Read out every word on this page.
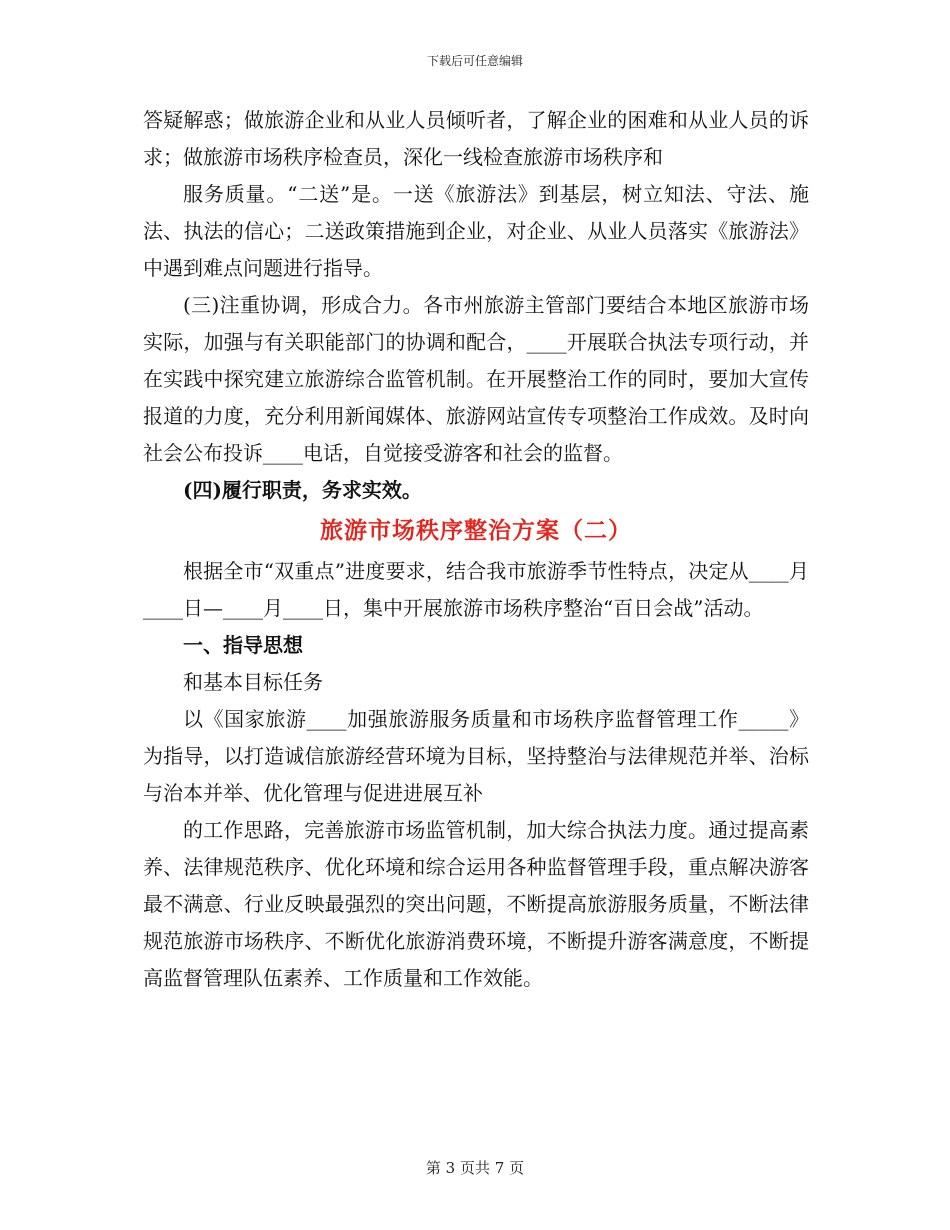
下载后可任意编辑

答疑解惑；做旅游企业和从业人员倾听者，了解企业的困难和从业人员的诉求；做旅游市场秩序检查员，深化一线检查旅游市场秩序和

服务质量。“二送”是。一送《旅游法》到基层，树立知法、守法、施法、执法的信心；二送政策措施到企业，对企业、从业人员落实《旅游法》中遇到难点问题进行指导。

(三)注重协调，形成合力。各市州旅游主管部门要结合本地区旅游市场实际，加强与有关职能部门的协调和配合，____开展联合执法专项行动，并在实践中探究建立旅游综合监管机制。在开展整治工作的同时，要加大宣传报道的力度，充分利用新闻媒体、旅游网站宣传专项整治工作成效。及时向社会公布投诉____电话，自觉接受游客和社会的监督。

(四)履行职责，务求实效。

旅游市场秩序整治方案（二）

根据全市“双重点”进度要求，结合我市旅游季节性特点，决定从____月____日—____月____日，集中开展旅游市场秩序整治“百日会战”活动。

一、指导思想

和基本目标任务

以《国家旅游____加强旅游服务质量和市场秩序监督管理工作_____》为指导，以打造诚信旅游经营环境为目标，坚持整治与法律规范并举、治标与治本并举、优化管理与促进进展互补

的工作思路，完善旅游市场监管机制，加大综合执法力度。通过提高素养、法律规范秩序、优化环境和综合运用各种监督管理手段，重点解决游客最不满意、行业反映最强烈的突出问题，不断提高旅游服务质量，不断法律规范旅游市场秩序、不断优化旅游消费环境，不断提升游客满意度，不断提高监督管理队伍素养、工作质量和工作效能。

第 3 页共 7 页
